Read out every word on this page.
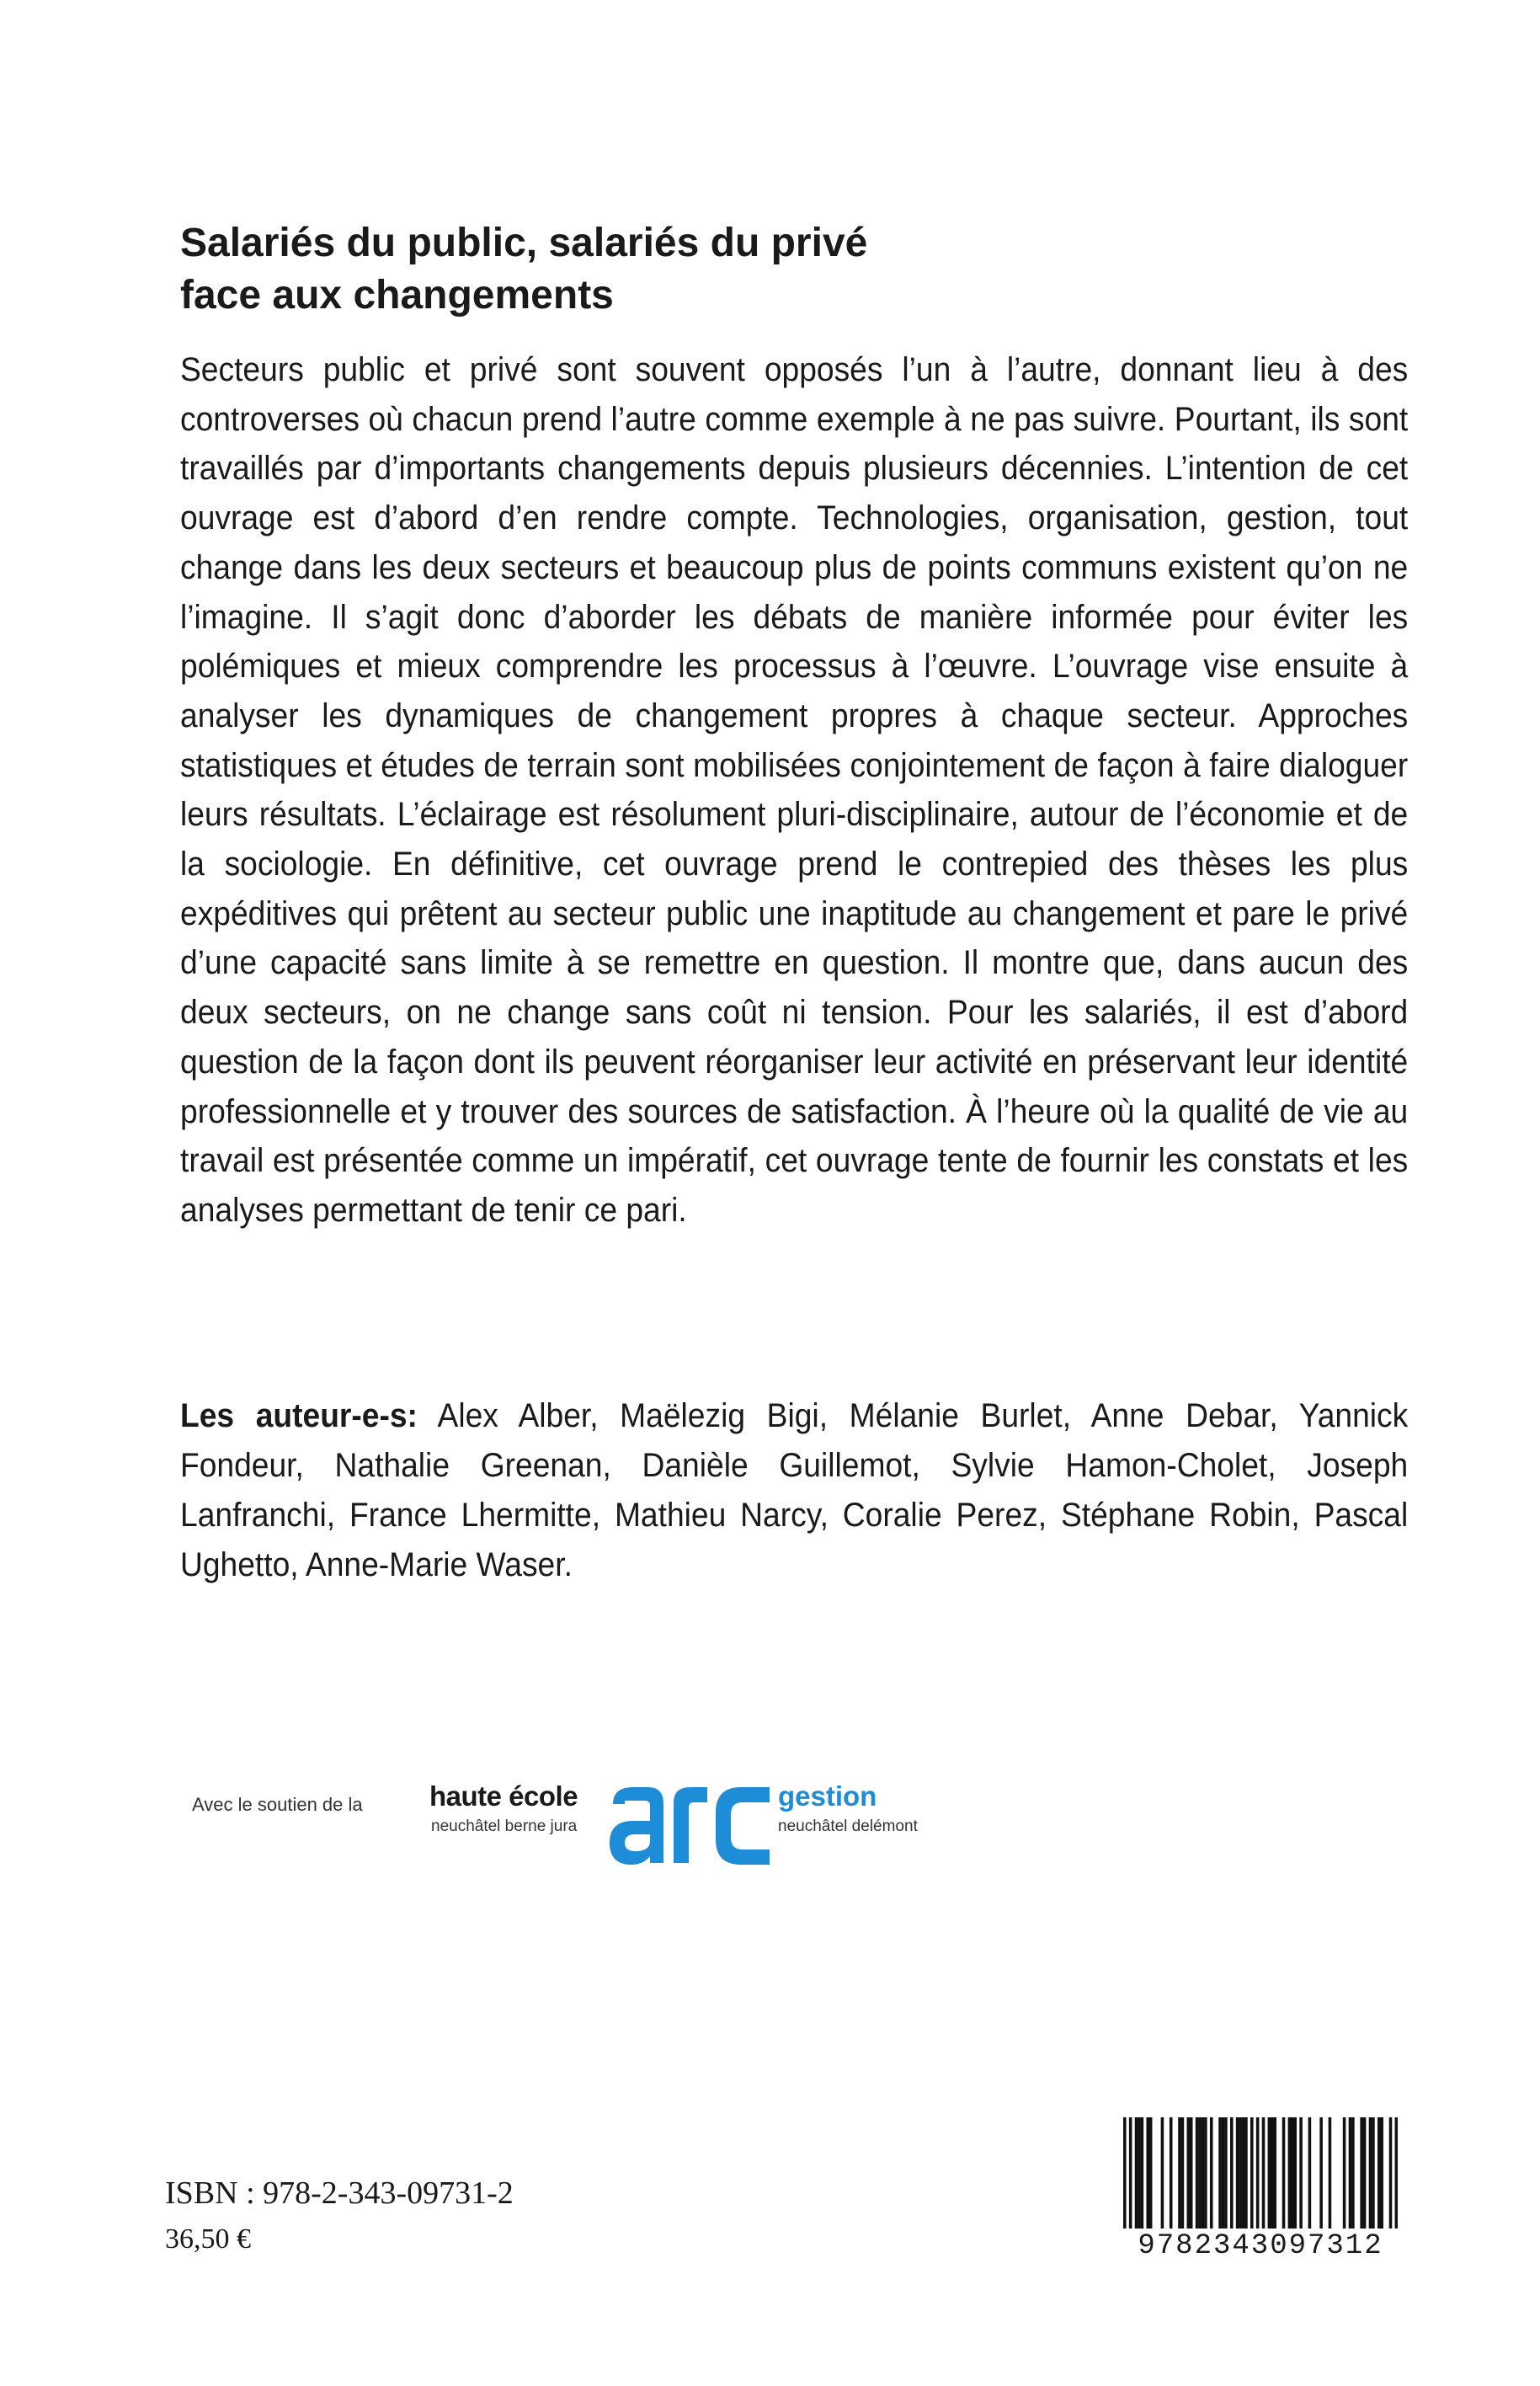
Salariés du public, salariés du privé
face aux changements

Secteurs public et privé sont souvent opposés l’un à l’autre, donnant lieu à des controverses où chacun prend l’autre comme exemple à ne pas suivre. Pourtant, ils sont travaillés par d’importants changements depuis plusieurs décennies. L’intention de cet ouvrage est d’abord d’en rendre compte. Technologies, organisation, gestion, tout change dans les deux secteurs et beaucoup plus de points communs existent qu’on ne l’imagine. Il s’agit donc d’aborder les débats de manière informée pour éviter les polémiques et mieux comprendre les processus à l’œuvre. L’ouvrage vise ensuite à analyser les dynamiques de changement propres à chaque secteur. Approches statistiques et études de terrain sont mobilisées conjointement de façon à faire dialoguer leurs résultats. L’éclairage est résolument pluri-disciplinaire, autour de l’économie et de la sociologie. En définitive, cet ouvrage prend le contrepied des thèses les plus expéditives qui prêtent au secteur public une inaptitude au changement et pare le privé d’une capacité sans limite à se remettre en question. Il montre que, dans aucun des deux secteurs, on ne change sans coût ni tension. Pour les salariés, il est d’abord question de la façon dont ils peuvent réorganiser leur activité en préservant leur identité professionnelle et y trouver des sources de satisfaction. À l’heure où la qualité de vie au travail est présentée comme un impératif, cet ouvrage tente de fournir les constats et les analyses permettant de tenir ce pari.

Les auteur-e-s: Alex Alber, Maëlezig Bigi, Mélanie Burlet, Anne Debar, Yannick Fondeur, Nathalie Greenan, Danièle Guillemot, Sylvie Hamon-Cholet, Joseph Lanfranchi, France Lhermitte, Mathieu Narcy, Coralie Perez, Stéphane Robin, Pascal Ughetto, Anne-Marie Waser.

Avec le soutien de la haute école
neuchâtel berne jura
gestion
neuchâtel delémont
ISBN : 978-2-343-09731-2
36,50 €	9782343097312
